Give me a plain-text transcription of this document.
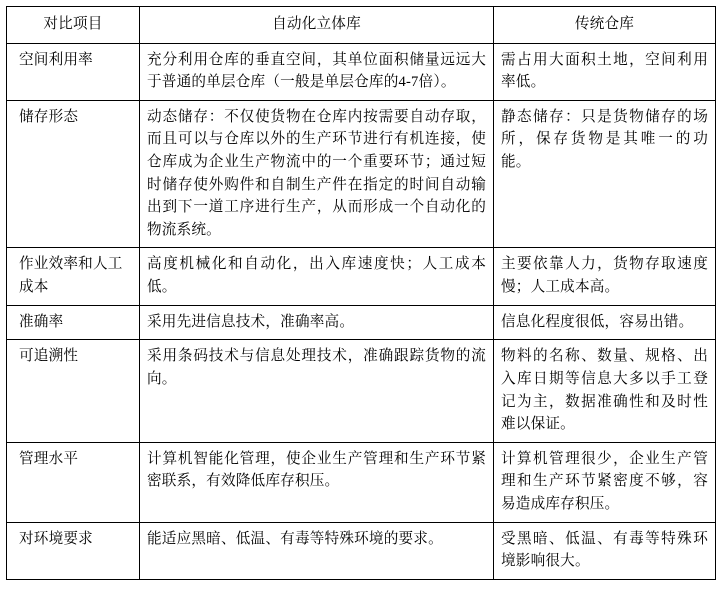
对比项目	自动化立体库	传统仓库
空间利用率	充分利用仓库的垂直空间，其单位面积储量远远大于普通的单层仓库（一般是单层仓库的4-7倍）。	需占用大面积土地，空间利用率低。
储存形态	动态储存：不仅使货物在仓库内按需要自动存取，而且可以与仓库以外的生产环节进行有机连接，使仓库成为企业生产物流中的一个重要环节；通过短时储存使外购件和自制生产件在指定的时间自动输出到下一道工序进行生产，从而形成一个自动化的物流系统。	静态储存：只是货物储存的场所，保存货物是其唯一的功能。
作业效率和人工成本	高度机械化和自动化，出入库速度快；人工成本低。	主要依靠人力，货物存取速度慢；人工成本高。
准确率	采用先进信息技术，准确率高。	信息化程度很低，容易出错。
可追溯性	采用条码技术与信息处理技术，准确跟踪货物的流向。	物料的名称、数量、规格、出入库日期等信息大多以手工登记为主，数据准确性和及时性难以保证。
管理水平	计算机智能化管理，使企业生产管理和生产环节紧密联系，有效降低库存积压。	计算机管理很少，企业生产管理和生产环节紧密度不够，容易造成库存积压。
对环境要求	能适应黑暗、低温、有毒等特殊环境的要求。	受黑暗、低温、有毒等特殊环境影响很大。
